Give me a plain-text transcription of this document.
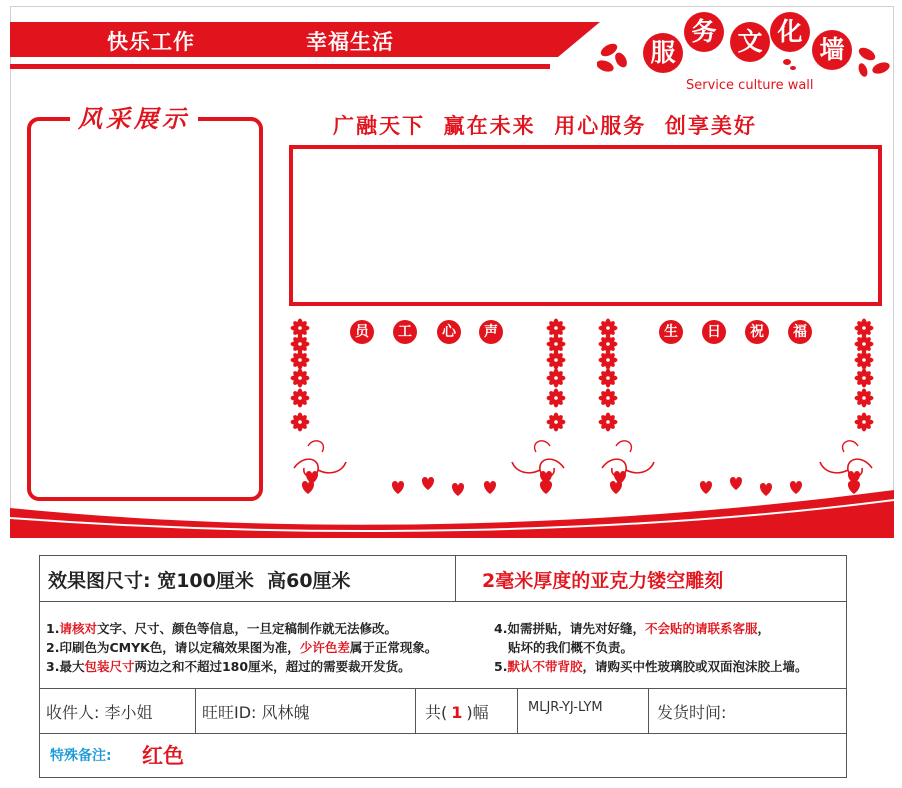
快乐工作	幸福生活	服
务 文 化
墙
Service culture wall
风采展示	广融天下  赢在未来  用心服务  创享美好
员	工	心	声	生	日	祝	福
效果图尺寸: 宽100厘米  高60厘米	2毫米厚度的亚克力镂空雕刻
1.请核对文字、尺寸、颜色等信息，一旦定稿制作就无法修改。
2.印刷色为CMYK色，请以定稿效果图为准，少许色差属于正常现象。
3.最大包装尺寸两边之和不超过180厘米，超过的需要裁开发货。
4.如需拼贴，请先对好缝，不会贴的请联系客服，
贴坏的我们概不负责。
5.默认不带背胶，请购买中性玻璃胶或双面泡沫胶上墙。
收件人: 李小姐	旺旺ID: 风林魄	共( 1 )幅	MLJR-YJ-LYM	发货时间:
特殊备注: 红色
